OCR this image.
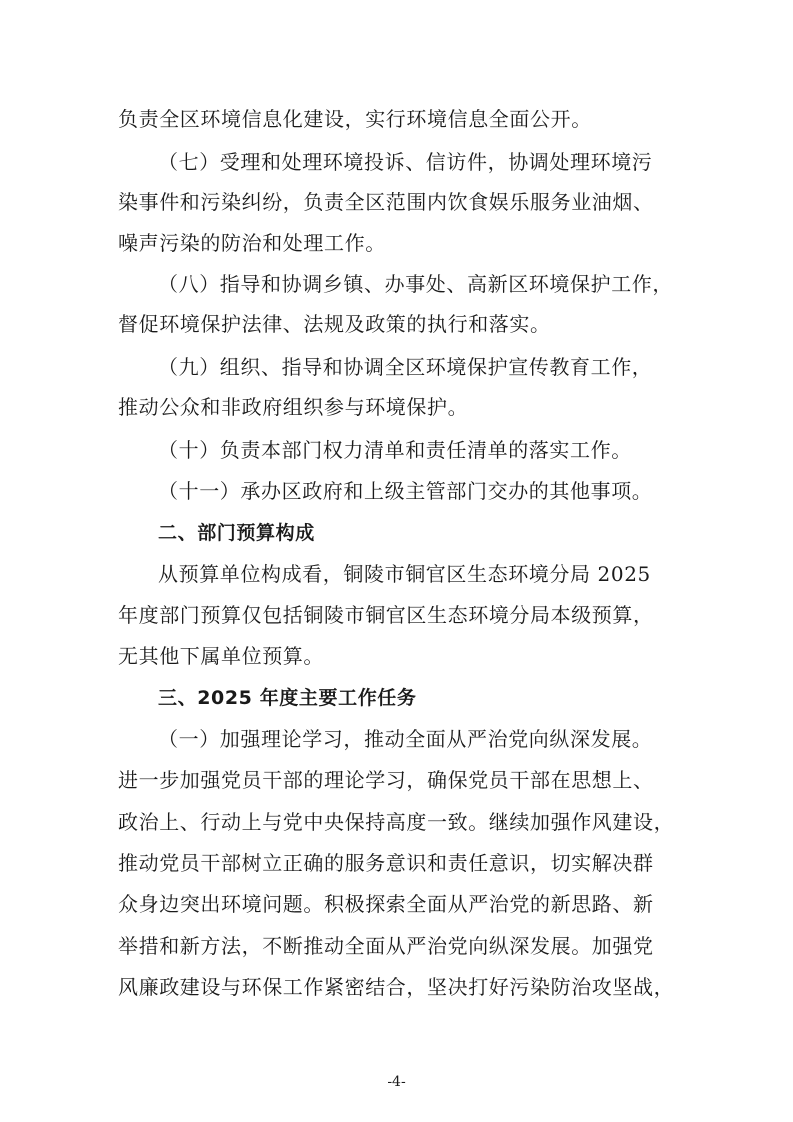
负责全区环境信息化建设，实行环境信息全面公开。
（七）受理和处理环境投诉、信访件，协调处理环境污
染事件和污染纠纷，负责全区范围内饮食娱乐服务业油烟、
噪声污染的防治和处理工作。
（八）指导和协调乡镇、办事处、高新区环境保护工作，
督促环境保护法律、法规及政策的执行和落实。
（九）组织、指导和协调全区环境保护宣传教育工作，
推动公众和非政府组织参与环境保护。
（十）负责本部门权力清单和责任清单的落实工作。
（十一）承办区政府和上级主管部门交办的其他事项。
二、部门预算构成
从预算单位构成看，铜陵市铜官区生态环境分局 2025
年度部门预算仅包括铜陵市铜官区生态环境分局本级预算，
无其他下属单位预算。
三、2025 年度主要工作任务
（一）加强理论学习，推动全面从严治党向纵深发展。
进一步加强党员干部的理论学习，确保党员干部在思想上、
政治上、行动上与党中央保持高度一致。继续加强作风建设，
推动党员干部树立正确的服务意识和责任意识，切实解决群
众身边突出环境问题。积极探索全面从严治党的新思路、新
举措和新方法，不断推动全面从严治党向纵深发展。加强党
风廉政建设与环保工作紧密结合，坚决打好污染防治攻坚战，
-4-
